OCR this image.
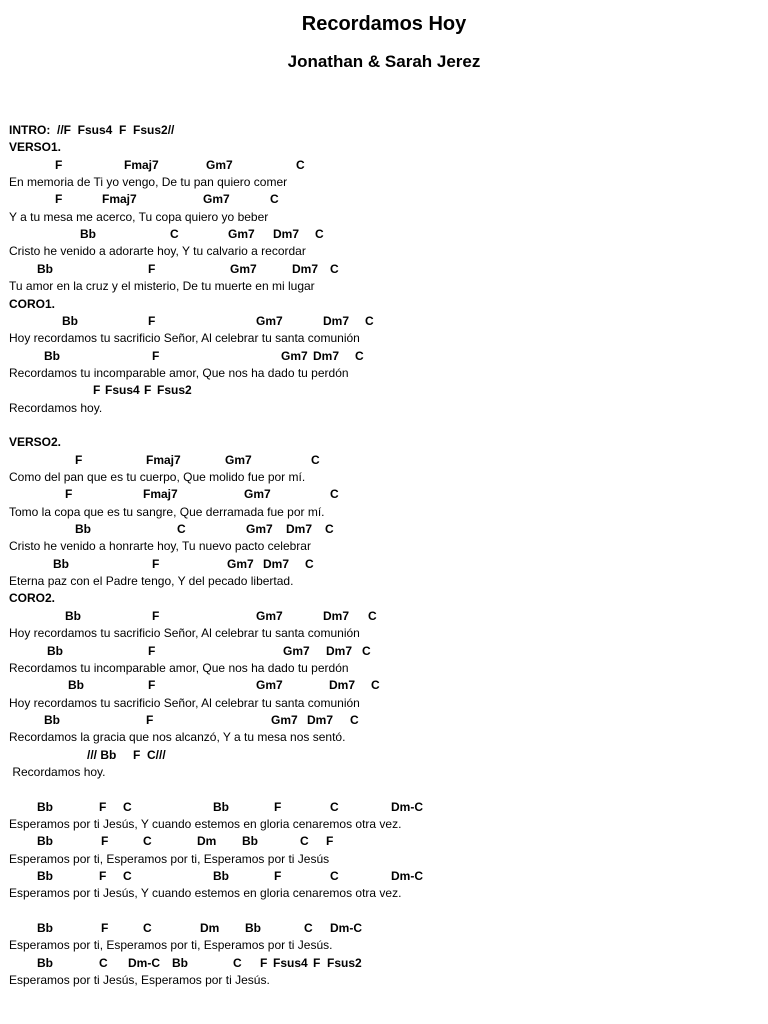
Recordamos Hoy
Jonathan & Sarah Jerez
INTRO:  //F  Fsus4  F  Fsus2//
VERSO1.
F	Fmaj7	Gm7	C
En memoria de Ti yo vengo, De tu pan quiero comer
F	Fmaj7	Gm7	C
Y a tu mesa me acerco, Tu copa quiero yo beber
Bb	C	Gm7 Dm7 C
Cristo he venido a adorarte hoy, Y tu calvario a recordar
Bb	F	Gm7	Dm7 C
Tu amor en la cruz y el misterio, De tu muerte en mi lugar
CORO1.
Bb	F	Gm7	Dm7 C
Hoy recordamos tu sacrificio Señor, Al celebrar tu santa comunión
Bb	F	Gm7 Dm7 C
Recordamos tu incomparable amor, Que nos ha dado tu perdón
F Fsus4 F Fsus2
Recordamos hoy.
VERSO2.
F	Fmaj7	Gm7	C
Como del pan que es tu cuerpo, Que molido fue por mí.
F	Fmaj7	Gm7	C
Tomo la copa que es tu sangre, Que derramada fue por mí.
Bb	C	Gm7 Dm7 C
Cristo he venido a honrarte hoy, Tu nuevo pacto celebrar
Bb	F	Gm7 Dm7 C
Eterna paz con el Padre tengo, Y del pecado libertad.
CORO2.
Bb	F	Gm7	Dm7 C
Hoy recordamos tu sacrificio Señor, Al celebrar tu santa comunión
Bb	F	Gm7 Dm7 C
Recordamos tu incomparable amor, Que nos ha dado tu perdón
Bb	F	Gm7	Dm7 C
Hoy recordamos tu sacrificio Señor, Al celebrar tu santa comunión
Bb	F	Gm7 Dm7 C
Recordamos la gracia que nos alcanzó, Y a tu mesa nos sentó.
/// Bb F C///
Recordamos hoy.
Bb	F C	Bb	F	C	Dm-C
Esperamos por ti Jesús, Y cuando estemos en gloria cenaremos otra vez.
Bb	F	C	Dm Bb	C F
Esperamos por ti, Esperamos por ti, Esperamos por ti Jesús
Bb	F C	Bb	F	C	Dm-C
Esperamos por ti Jesús, Y cuando estemos en gloria cenaremos otra vez.
Bb	F	C	Dm Bb	C Dm-C
Esperamos por ti, Esperamos por ti, Esperamos por ti Jesús.
Bb	C Dm-C Bb	C F Fsus4 F Fsus2
Esperamos por ti Jesús, Esperamos por ti Jesús.
